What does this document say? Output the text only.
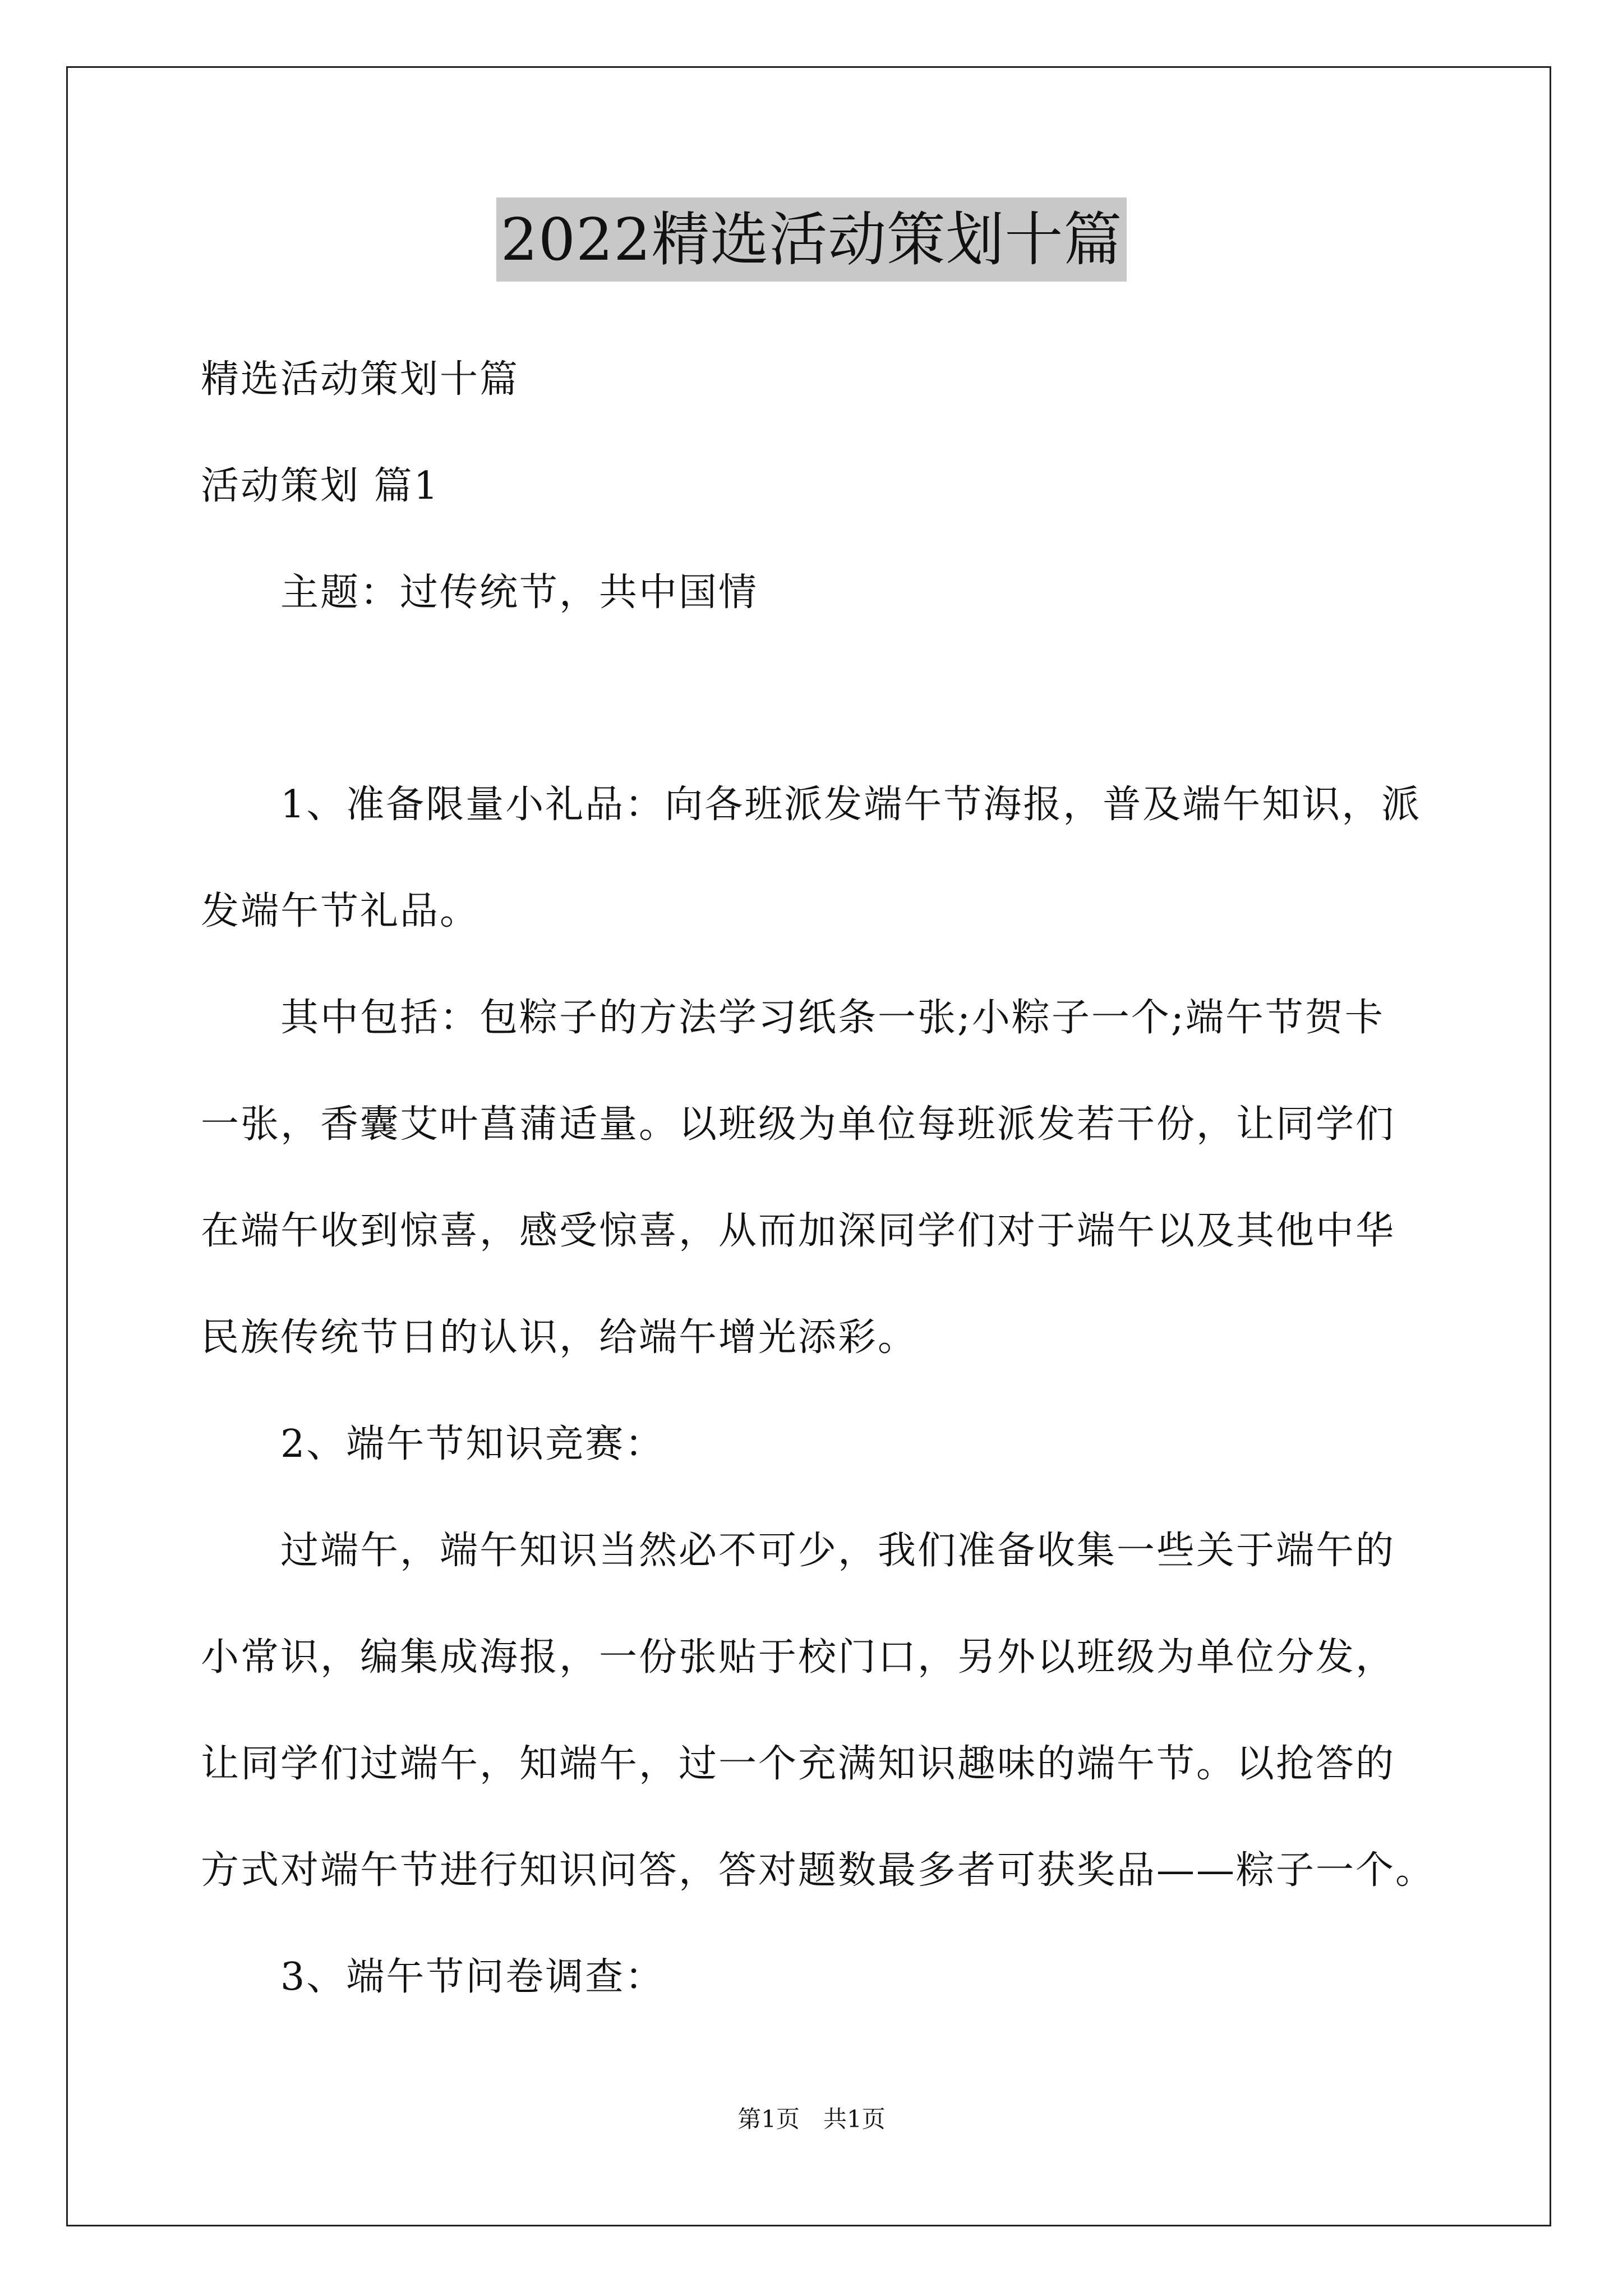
2022精选活动策划十篇
精选活动策划十篇
活动策划 篇1
　　主题：过传统节，共中国情
　　1、准备限量小礼品：向各班派发端午节海报，普及端午知识，派
发端午节礼品。
　　其中包括：包粽子的方法学习纸条一张;小粽子一个;端午节贺卡
一张，香囊艾叶菖蒲适量。以班级为单位每班派发若干份，让同学们
在端午收到惊喜，感受惊喜，从而加深同学们对于端午以及其他中华
民族传统节日的认识，给端午增光添彩。
　　2、端午节知识竞赛：
　　过端午，端午知识当然必不可少，我们准备收集一些关于端午的
小常识，编集成海报，一份张贴于校门口，另外以班级为单位分发，
让同学们过端午，知端午，过一个充满知识趣味的端午节。以抢答的
方式对端午节进行知识问答，答对题数最多者可获奖品——粽子一个。
　　3、端午节问卷调查：
第1页　共1页
